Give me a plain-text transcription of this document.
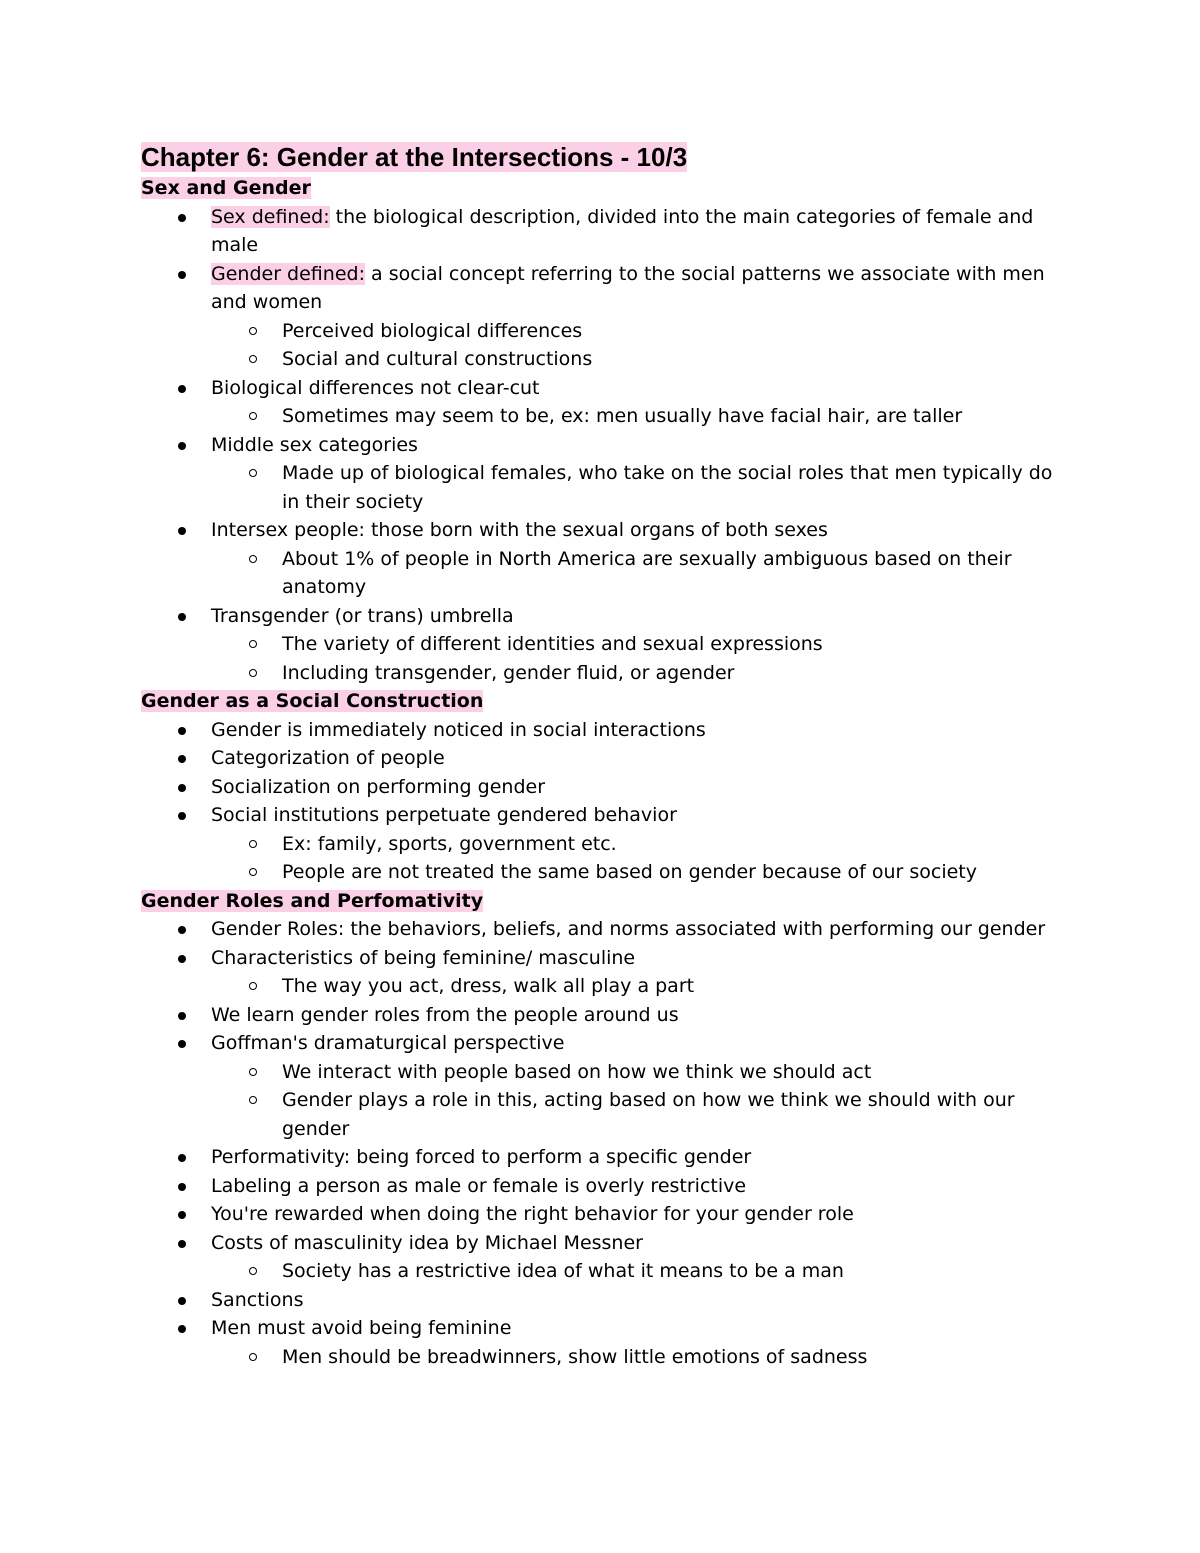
Chapter 6: Gender at the Intersections - 10/3
Sex and Gender
Sex defined: the biological description, divided into the main categories of female and male
Gender defined: a social concept referring to the social patterns we associate with men and women
Perceived biological differences
Social and cultural constructions
Biological differences not clear-cut
Sometimes may seem to be, ex: men usually have facial hair, are taller
Middle sex categories
Made up of biological females, who take on the social roles that men typically do in their society
Intersex people: those born with the sexual organs of both sexes
About 1% of people in North America are sexually ambiguous based on their anatomy
Transgender (or trans) umbrella
The variety of different identities and sexual expressions
Including transgender, gender fluid, or agender
Gender as a Social Construction
Gender is immediately noticed in social interactions
Categorization of people
Socialization on performing gender
Social institutions perpetuate gendered behavior
Ex: family, sports, government etc.
People are not treated the same based on gender because of our society
Gender Roles and Perfomativity
Gender Roles: the behaviors, beliefs, and norms associated with performing our gender
Characteristics of being feminine/ masculine
The way you act, dress, walk all play a part
We learn gender roles from the people around us
Goffman's dramaturgical perspective
We interact with people based on how we think we should act
Gender plays a role in this, acting based on how we think we should with our gender
Performativity: being forced to perform a specific gender
Labeling a person as male or female is overly restrictive
You're rewarded when doing the right behavior for your gender role
Costs of masculinity idea by Michael Messner
Society has a restrictive idea of what it means to be a man
Sanctions
Men must avoid being feminine
Men should be breadwinners, show little emotions of sadness
